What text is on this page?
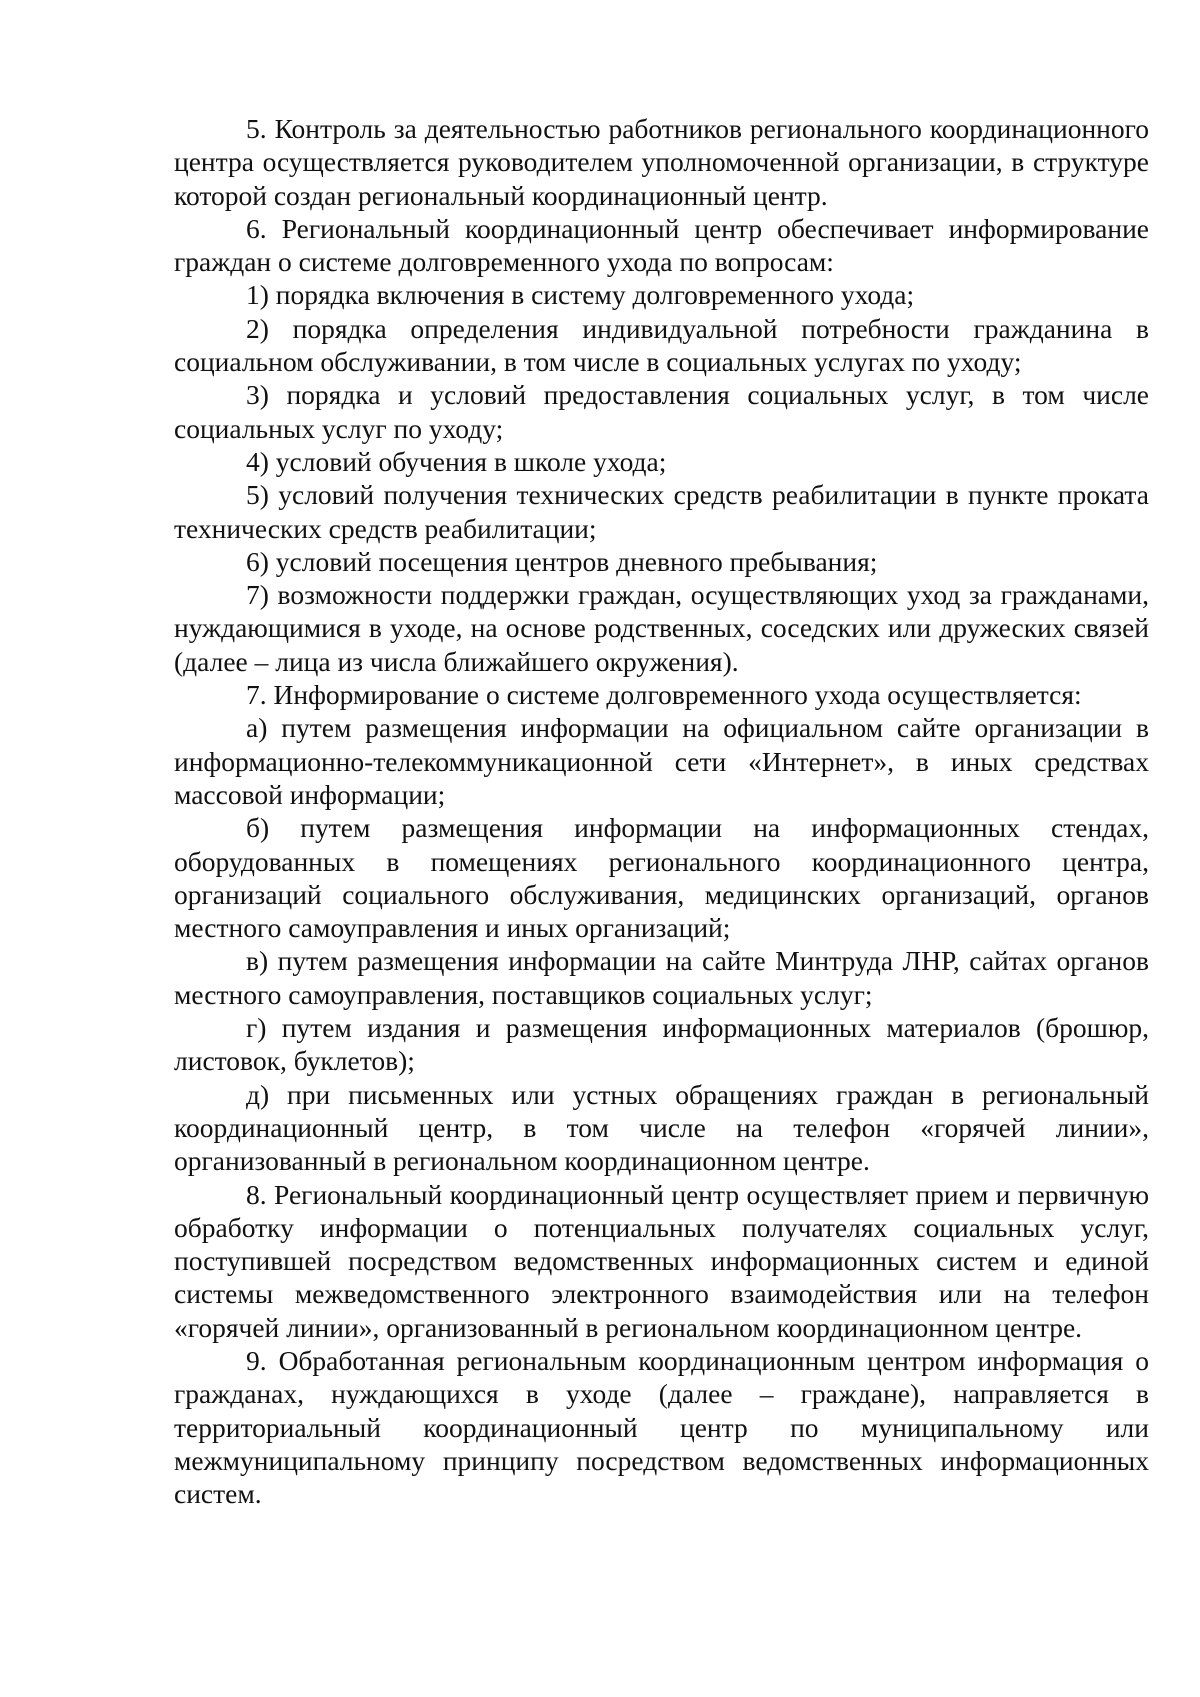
5. Контроль за деятельностью работников регионального координационного центра осуществляется руководителем уполномоченной организации, в структуре которой создан региональный координационный центр.

6. Региональный координационный центр обеспечивает информирование граждан о системе долговременного ухода по вопросам:

1) порядка включения в систему долговременного ухода;

2) порядка определения индивидуальной потребности гражданина в социальном обслуживании, в том числе в социальных услугах по уходу;

3) порядка и условий предоставления социальных услуг, в том числе социальных услуг по уходу;

4) условий обучения в школе ухода;

5) условий получения технических средств реабилитации в пункте проката технических средств реабилитации;

6) условий посещения центров дневного пребывания;

7) возможности поддержки граждан, осуществляющих уход за гражданами, нуждающимися в уходе, на основе родственных, соседских или дружеских связей (далее – лица из числа ближайшего окружения).

7. Информирование о системе долговременного ухода осуществляется:

а) путем размещения информации на официальном сайте организации в информационно-телекоммуникационной сети «Интернет», в иных средствах массовой информации;

б) путем размещения информации на информационных стендах, оборудованных в помещениях регионального координационного центра, организаций социального обслуживания, медицинских организаций, органов местного самоуправления и иных организаций;

в) путем размещения информации на сайте Минтруда ЛНР, сайтах органов местного самоуправления, поставщиков социальных услуг;

г) путем издания и размещения информационных материалов (брошюр, листовок, буклетов);

д) при письменных или устных обращениях граждан в региональный координационный центр, в том числе на телефон «горячей линии», организованный в региональном координационном центре.

8. Региональный координационный центр осуществляет прием и первичную обработку информации о потенциальных получателях социальных услуг, поступившей посредством ведомственных информационных систем и единой системы межведомственного электронного взаимодействия или на телефон «горячей линии», организованный в региональном координационном центре.

9. Обработанная региональным координационным центром информация о гражданах, нуждающихся в уходе (далее – граждане), направляется в территориальный координационный центр по муниципальному или межмуниципальному принципу посредством ведомственных информационных систем.
